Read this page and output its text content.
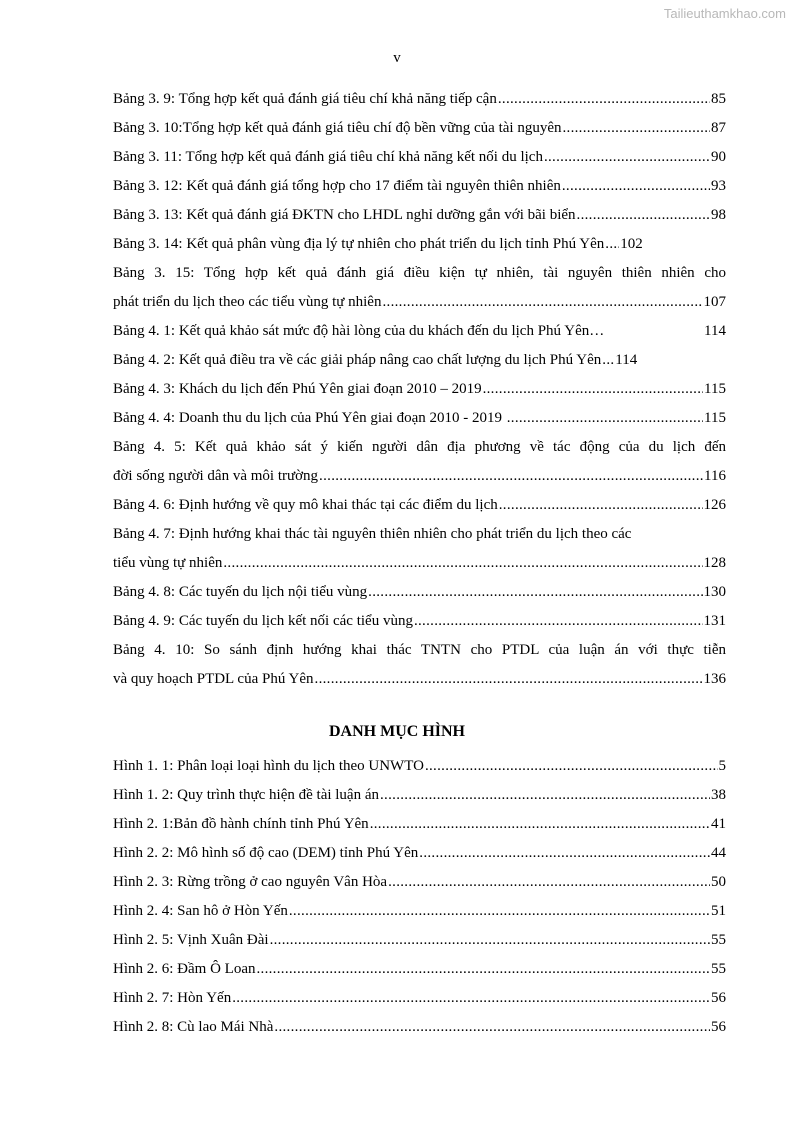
Tailieuthamkhao.com
v
Bảng 3. 9: Tổng hợp kết quả đánh giá tiêu chí khả năng tiếp cận .....	85
Bảng 3. 10:Tổng hợp kết quả đánh giá tiêu chí độ bền vững của tài nguyên .....	87
Bảng 3. 11: Tổng hợp kết quả đánh giá tiêu chí khả năng kết nối du lịch .....	90
Bảng 3. 12: Kết quả đánh giá tổng hợp cho 17 điểm tài nguyên thiên nhiên .....	93
Bảng 3. 13: Kết quả đánh giá ĐKTN cho LHDL nghỉ dưỡng gắn với bãi biển .....	98
Bảng 3. 14: Kết quả phân vùng địa lý tự nhiên cho phát triển du lịch tỉnh Phú Yên ..... 102
Bảng 3. 15: Tổng hợp kết quả đánh giá điều kiện tự nhiên, tài nguyên thiên nhiên cho
phát triển du lịch theo các tiểu vùng tự nhiên .....	107
Bảng 4. 1: Kết quả khảo sát mức độ hài lòng của du khách đến du lịch Phú Yên…	114
Bảng 4. 2: Kết quả điều tra về các giải pháp nâng cao chất lượng du lịch Phú Yên ..... 114
Bảng 4. 3: Khách du lịch đến Phú Yên giai đoạn 2010 – 2019 .....	115
Bảng 4. 4: Doanh thu du lịch của Phú Yên giai đoạn 2010 - 2019 .....	115
Bảng 4. 5: Kết quả khảo sát ý kiến người dân địa phương về tác động của du lịch đến
đời sống người dân và môi trường .....	116
Bảng 4. 6: Định hướng về quy mô khai thác tại các điểm du lịch .....	126
Bảng 4. 7: Định hướng khai thác tài nguyên thiên nhiên cho phát triển du lịch theo các
tiểu vùng tự nhiên .....	128
Bảng 4. 8: Các tuyến du lịch nội tiểu vùng .....	130
Bảng 4. 9: Các tuyến du lịch kết nối các tiểu vùng .....	131
Bảng 4. 10: So sánh định hướng khai thác TNTN cho PTDL của luận án với thực tiễn
và quy hoạch PTDL của Phú Yên .....	136
DANH MỤC HÌNH
Hình 1. 1: Phân loại loại hình du lịch theo UNWTO .....	5
Hình 1. 2: Quy trình thực hiện đề tài luận án .....	38
Hình 2. 1:Bản đồ hành chính tỉnh Phú Yên .....	41
Hình 2. 2: Mô hình số độ cao (DEM) tỉnh Phú Yên .....	44
Hình 2. 3: Rừng trồng ở cao nguyên Vân Hòa .....	50
Hình 2. 4: San hô ở Hòn Yến .....	51
Hình 2. 5: Vịnh Xuân Đài .....	55
Hình 2. 6: Đầm Ô Loan .....	55
Hình 2. 7: Hòn Yến .....	56
Hình 2. 8: Cù lao Mái Nhà .....	56
